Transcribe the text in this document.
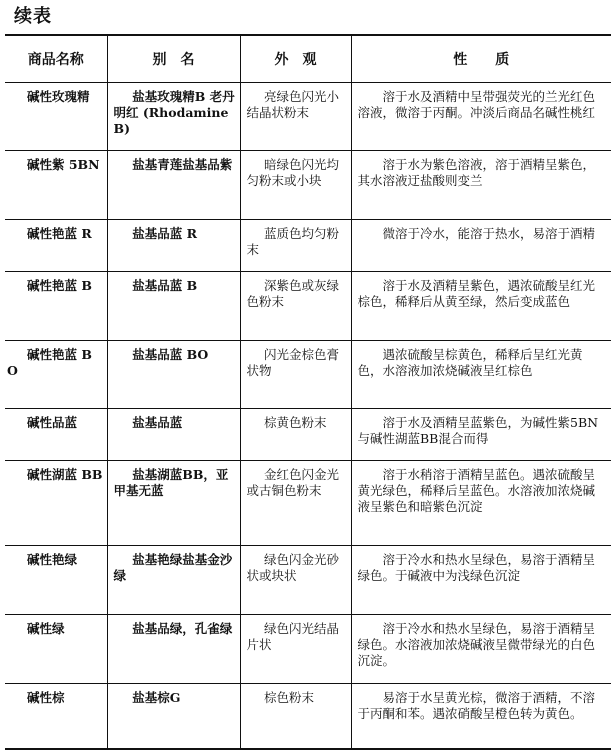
续表
商品名称	别　名	外　观	性　　质
碱性玫瑰精	盐基玫瑰精B 老丹明红 (Rhodamine B)	亮绿色闪光小结晶状粉末	溶于水及酒精中呈带强荧光的兰光红色溶液，微溶于丙酮。冲淡后商品名碱性桃红
碱性紫 5BN	盐基青莲盐基品紫	暗绿色闪光均匀粉末或小块	溶于水为紫色溶液，溶于酒精呈紫色，其水溶液迂盐酸则变兰
碱性艳蓝 R	盐基品蓝 R	蓝质色均匀粉末	微溶于冷水，能溶于热水，易溶于酒精
碱性艳蓝 B	盐基品蓝 B	深紫色或灰绿色粉末	溶于水及酒精呈紫色，遇浓硫酸呈红光棕色，稀释后从黄至绿，然后变成蓝色
碱性艳蓝 BO	盐基品蓝 BO	闪光金棕色膏状物	遇浓硫酸呈棕黄色，稀释后呈红光黄色，水溶液加浓烧碱液呈红棕色
碱性品蓝	盐基品蓝	棕黄色粉末	溶于水及酒精呈蓝紫色，为碱性紫5BN与碱性湖蓝BB混合而得
碱性湖蓝 BB	盐基湖蓝BB，亚甲基无蓝	金红色闪金光或古铜色粉末	溶于水稍溶于酒精呈蓝色。遇浓硫酸呈黄光绿色，稀释后呈蓝色。水溶液加浓烧碱液呈紫色和暗紫色沉淀
碱性艳绿	盐基艳绿盐基金沙绿	绿色闪金光砂状或块状	溶于冷水和热水呈绿色，易溶于酒精呈绿色。于碱液中为浅绿色沉淀
碱性绿	盐基品绿，孔雀绿	绿色闪光结晶片状	溶于冷水和热水呈绿色，易溶于酒精呈绿色。水溶液加浓烧碱液呈微带绿光的白色沉淀。
碱性棕	盐基棕G	棕色粉末	易溶于水呈黄光棕，微溶于酒精，不溶于丙酮和苯。遇浓硝酸呈橙色转为黄色。
